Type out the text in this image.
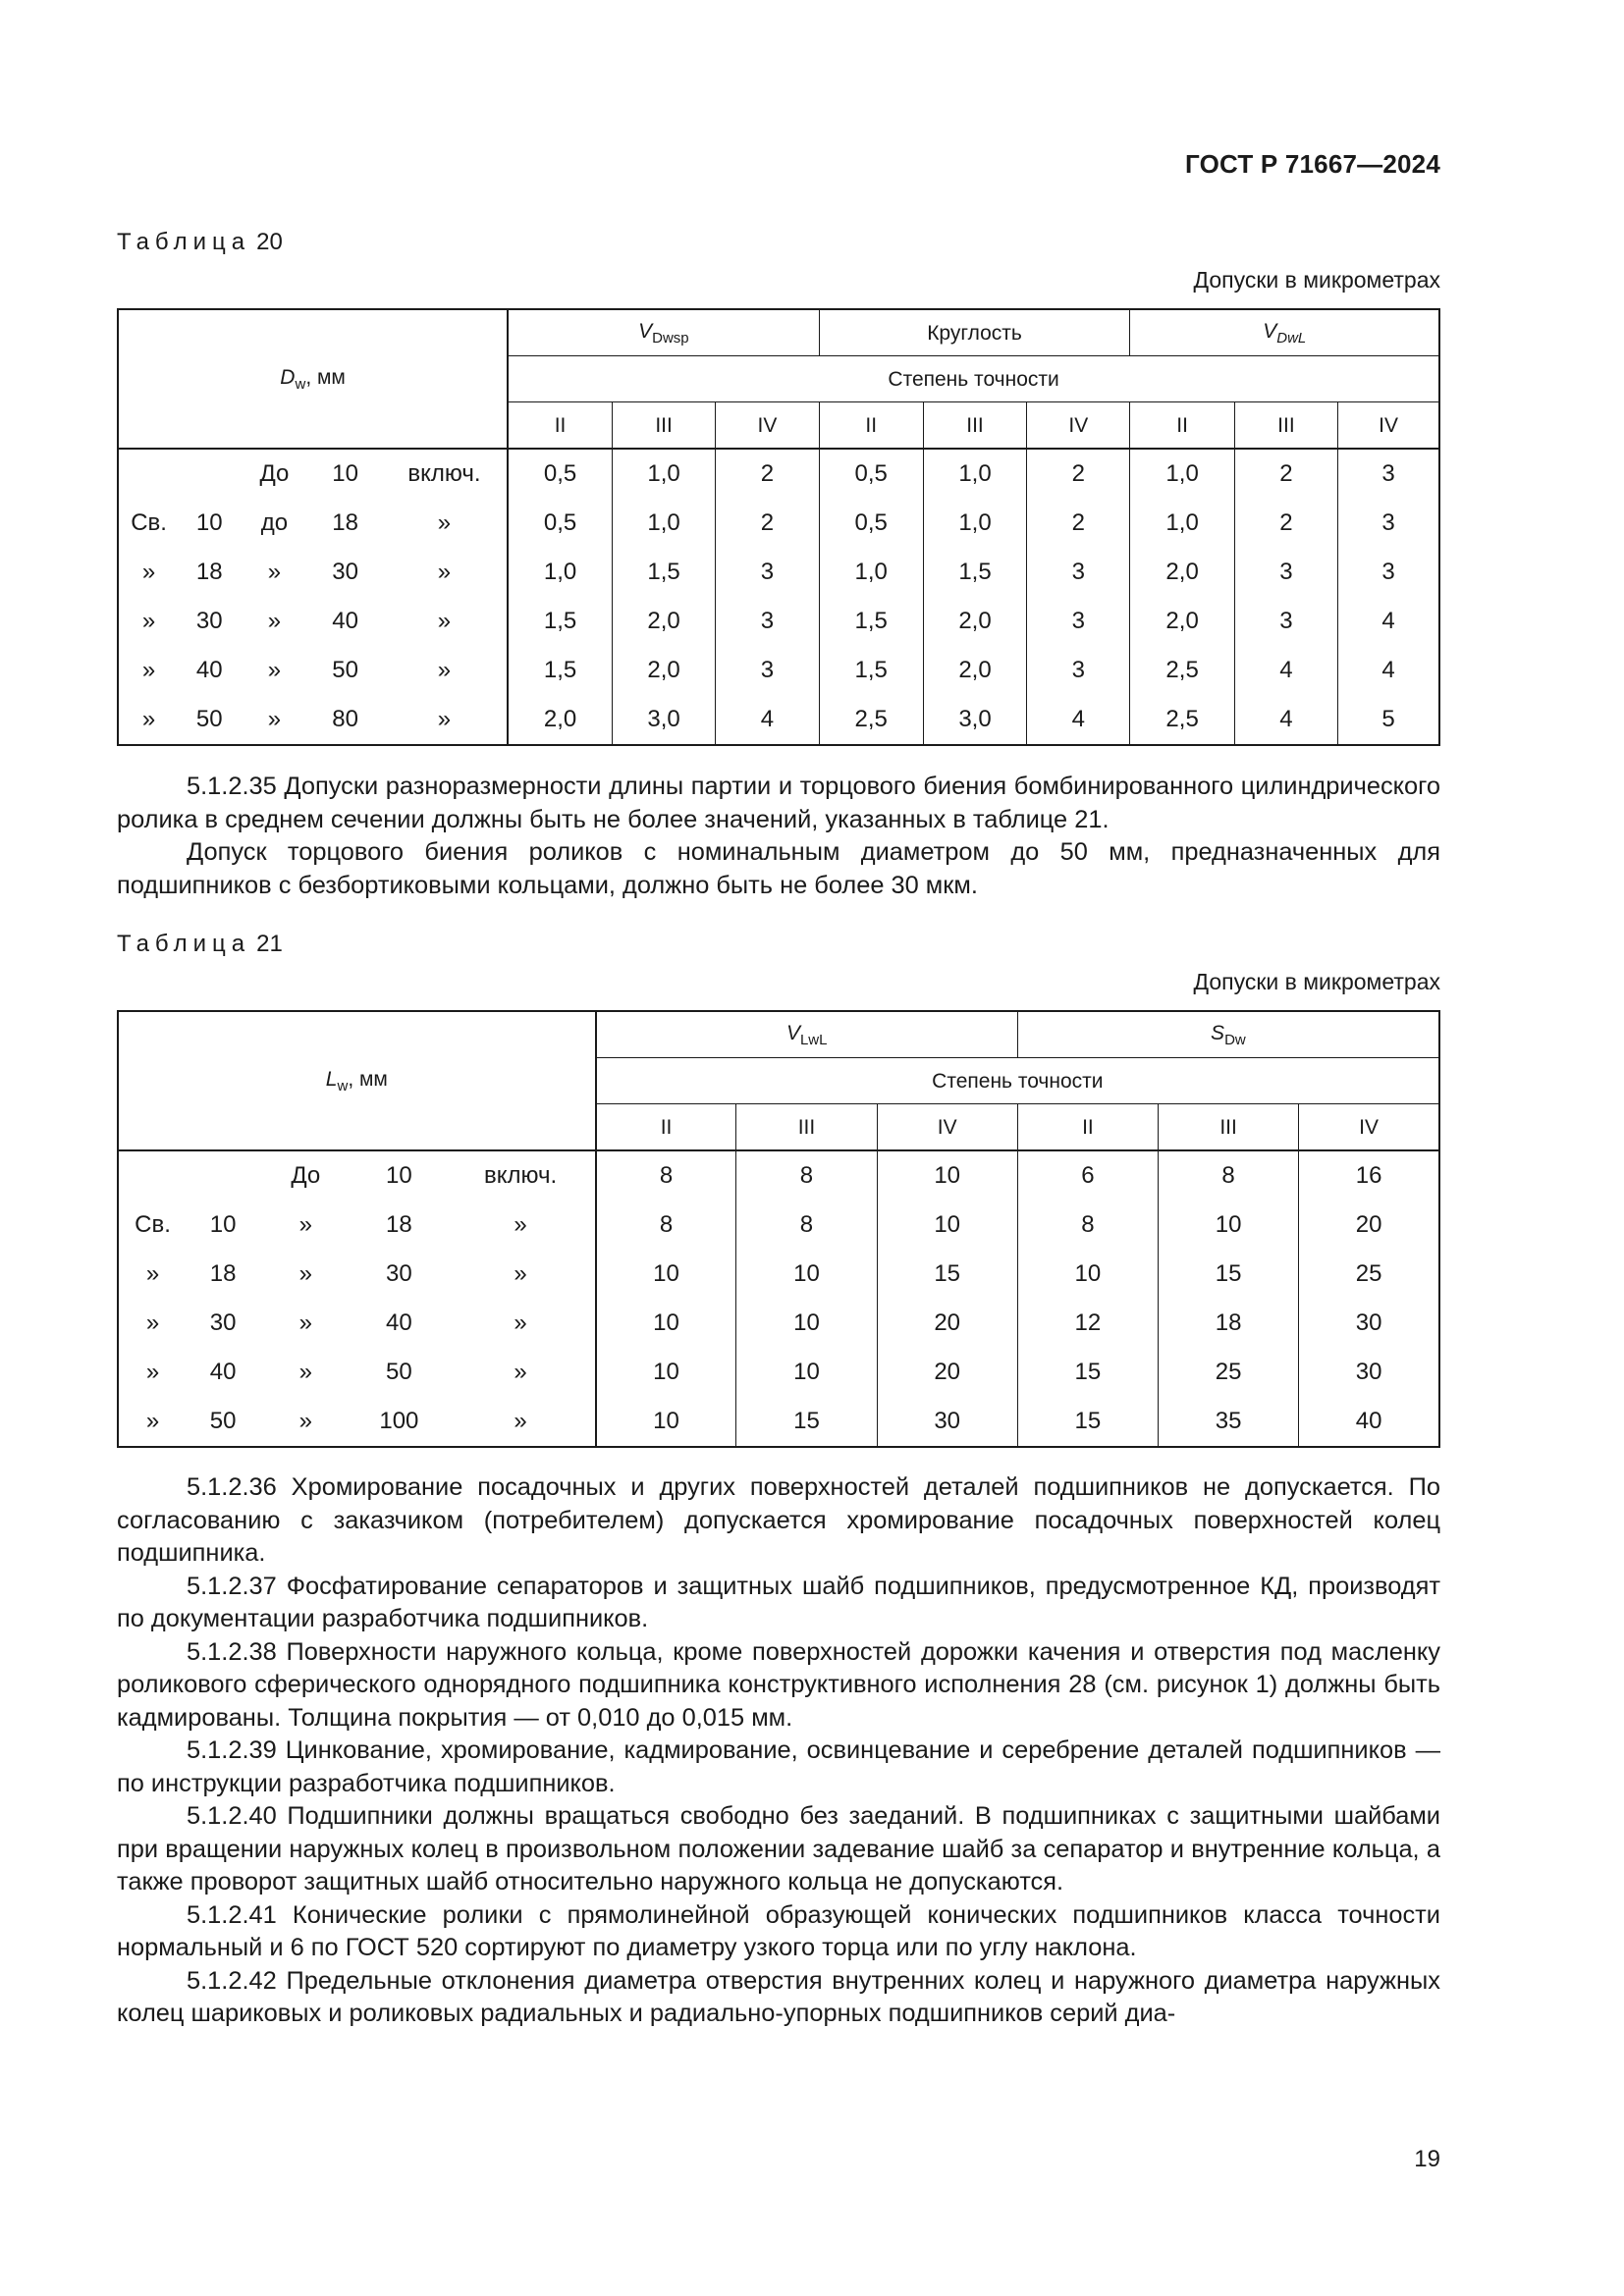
ГОСТ Р 71667—2024
Таблица 20
Допуски в микрометрах
$D_w$, мм					$V_{Dwsp}$			Круглость			$V_{DwL}$
					Степень точности								
					II	III	IV	II	III	IV	II	III	IV
		До	10	включ.	0,5	1,0	2	0,5	1,0	2	1,0	2	3
Св.	10	до	18	»	0,5	1,0	2	0,5	1,0	2	1,0	2	3
»	18	»	30	»	1,0	1,5	3	1,0	1,5	3	2,0	3	3
»	30	»	40	»	1,5	2,0	3	1,5	2,0	3	2,0	3	4
»	40	»	50	»	1,5	2,0	3	1,5	2,0	3	2,5	4	4
»	50	»	80	»	2,0	3,0	4	2,5	3,0	4	2,5	4	5

5.1.2.35 Допуски разноразмерности длины партии и торцового биения бомбинированного цилиндрического ролика в среднем сечении должны быть не более значений, указанных в таблице 21.

Допуск торцового биения роликов с номинальным диаметром до 50 мм, предназначенных для подшипников с безбортиковыми кольцами, должно быть не более 30 мкм.

Таблица 21
Допуски в микрометрах
$L_w$, мм					$V_{LwL}$			$S_{Dw}$
					Степень точности					
					II	III	IV	II	III	IV
		До	10	включ.	8	8	10	6	8	16
Св.	10	»	18	»	8	8	10	8	10	20
»	18	»	30	»	10	10	15	10	15	25
»	30	»	40	»	10	10	20	12	18	30
»	40	»	50	»	10	10	20	15	25	30
»	50	»	100	»	10	15	30	15	35	40

5.1.2.36 Хромирование посадочных и других поверхностей деталей подшипников не допускается. По согласованию с заказчиком (потребителем) допускается хромирование посадочных поверхностей колец подшипника.

5.1.2.37 Фосфатирование сепараторов и защитных шайб подшипников, предусмотренное КД, производят по документации разработчика подшипников.

5.1.2.38 Поверхности наружного кольца, кроме поверхностей дорожки качения и отверстия под масленку роликового сферического однорядного подшипника конструктивного исполнения 28 (см. рисунок 1) должны быть кадмированы. Толщина покрытия — от 0,010 до 0,015 мм.

5.1.2.39 Цинкование, хромирование, кадмирование, освинцевание и серебрение деталей подшипников — по инструкции разработчика подшипников.

5.1.2.40 Подшипники должны вращаться свободно без заеданий. В подшипниках с защитными шайбами при вращении наружных колец в произвольном положении задевание шайб за сепаратор и внутренние кольца, а также проворот защитных шайб относительно наружного кольца не допускаются.

5.1.2.41 Конические ролики с прямолинейной образующей конических подшипников класса точности нормальный и 6 по ГОСТ 520 сортируют по диаметру узкого торца или по углу наклона.

5.1.2.42 Предельные отклонения диаметра отверстия внутренних колец и наружного диаметра наружных колец шариковых и роликовых радиальных и радиально-упорных подшипников серий диа-

19
